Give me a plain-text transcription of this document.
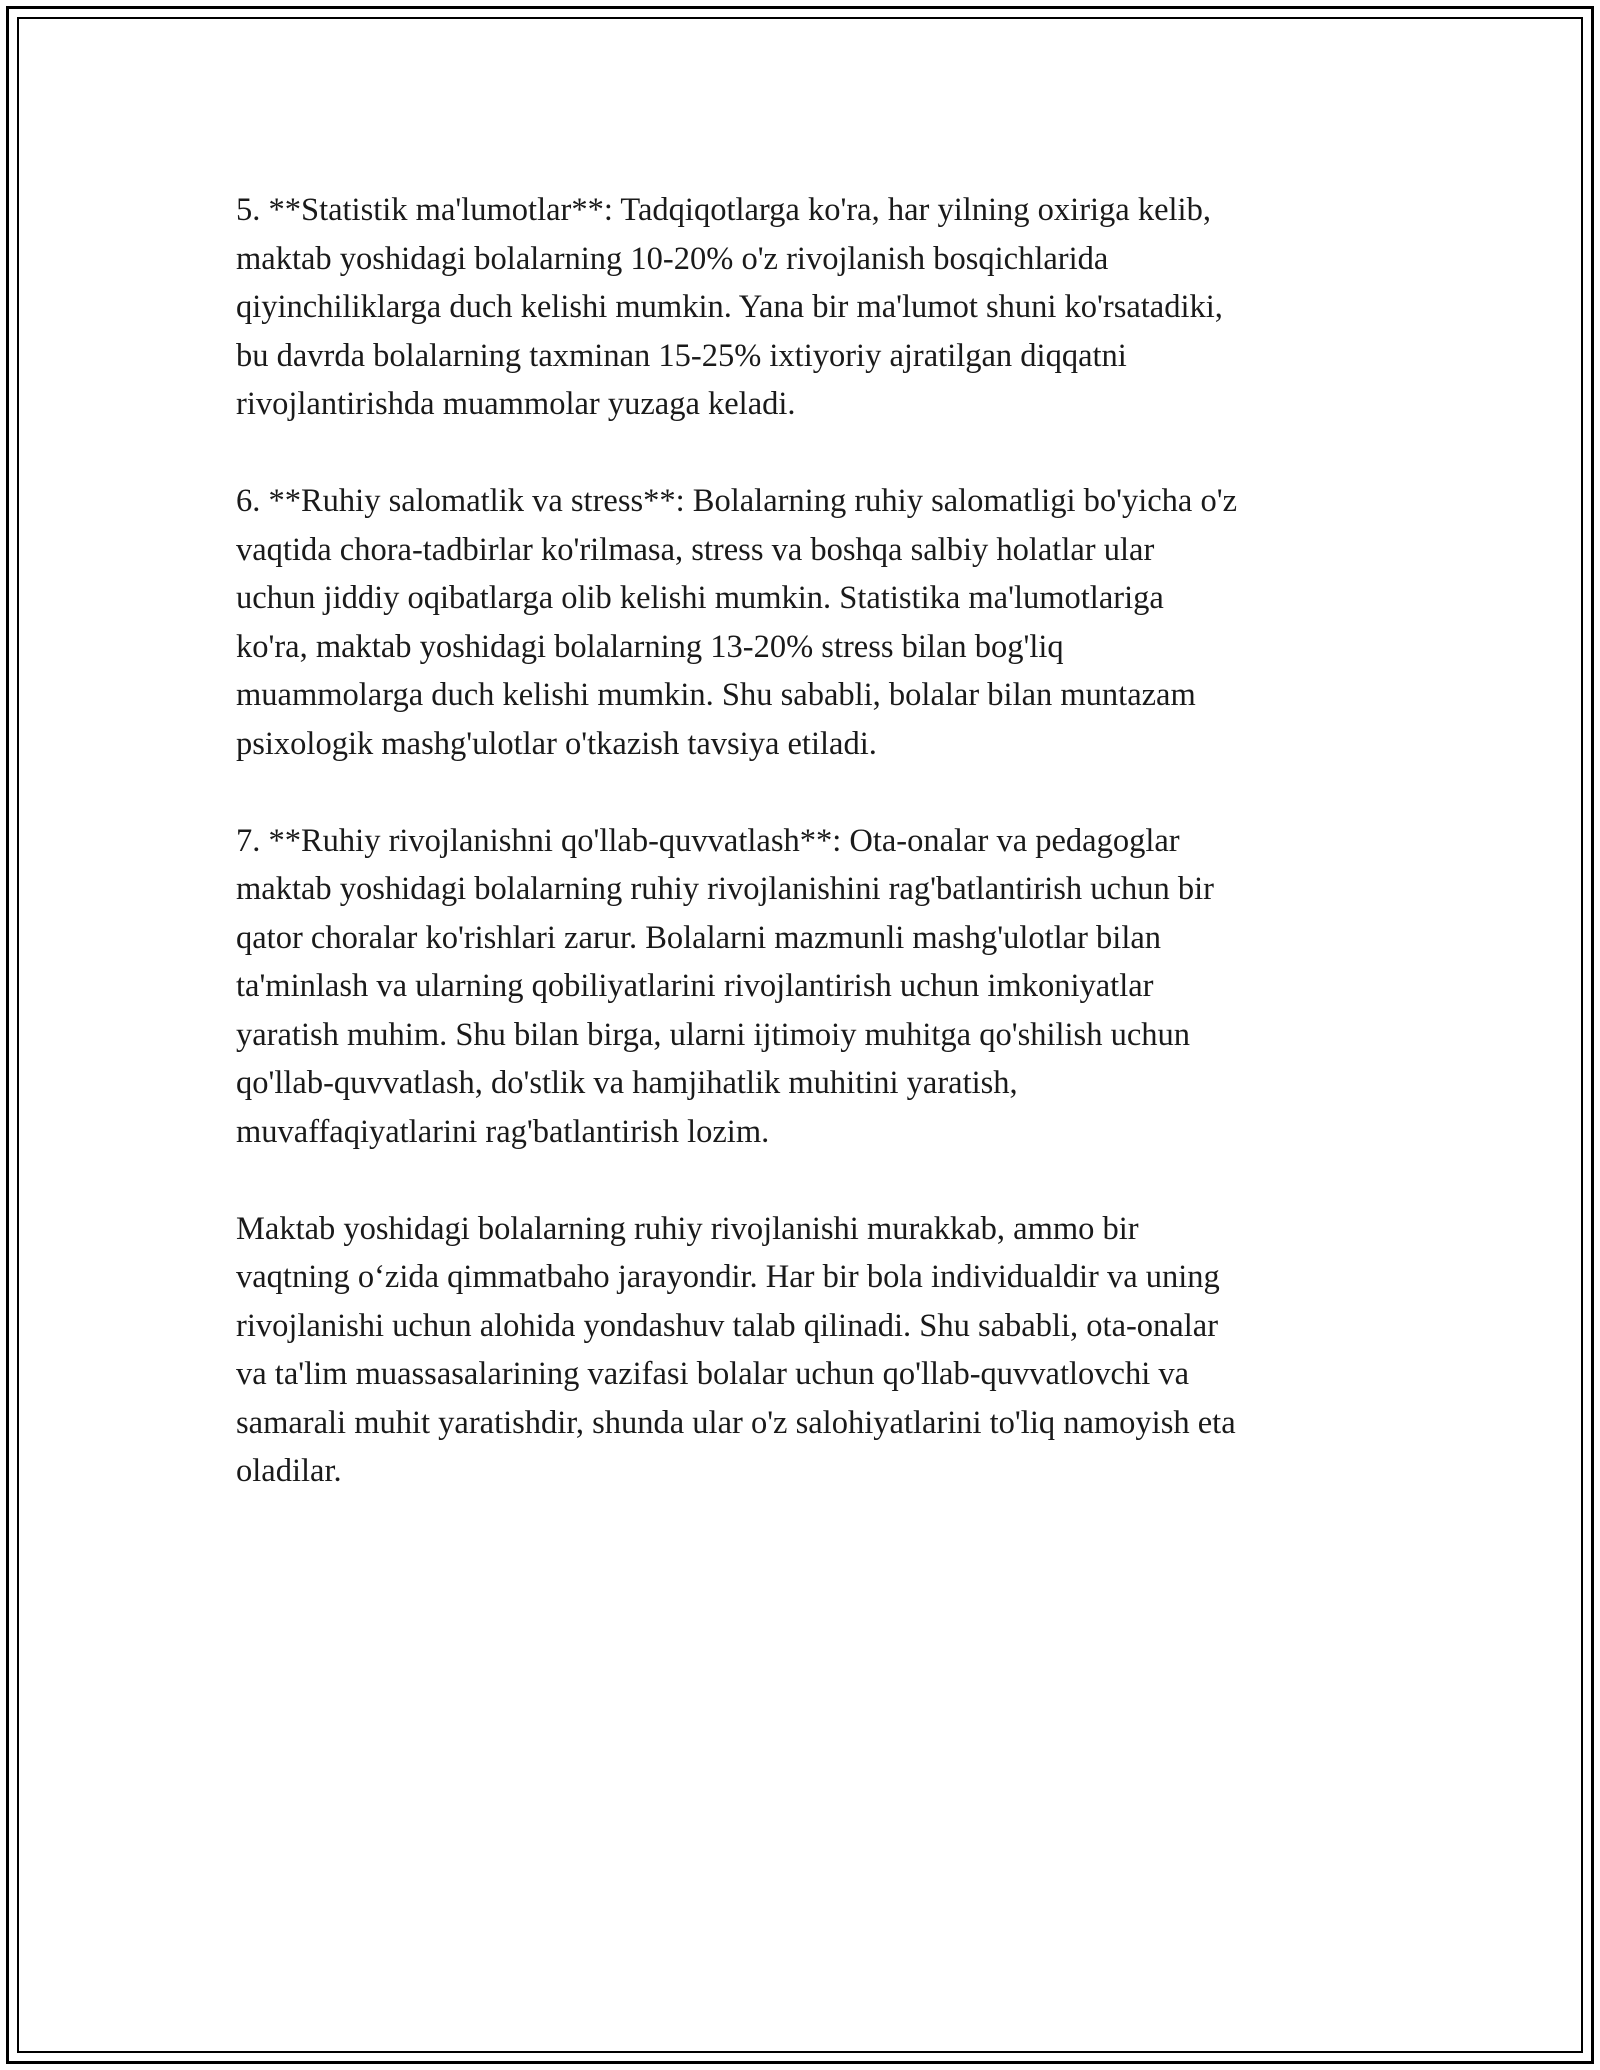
5. **Statistik ma'lumotlar**: Tadqiqotlarga ko'ra, har yilning oxiriga kelib,
maktab yoshidagi bolalarning 10-20% o'z rivojlanish bosqichlarida
qiyinchiliklarga duch kelishi mumkin. Yana bir ma'lumot shuni ko'rsatadiki,
bu davrda bolalarning taxminan 15-25% ixtiyoriy ajratilgan diqqatni
rivojlantirishda muammolar yuzaga keladi.

6. **Ruhiy salomatlik va stress**: Bolalarning ruhiy salomatligi bo'yicha o'z
vaqtida chora-tadbirlar ko'rilmasa, stress va boshqa salbiy holatlar ular
uchun jiddiy oqibatlarga olib kelishi mumkin. Statistika ma'lumotlariga
ko'ra, maktab yoshidagi bolalarning 13-20% stress bilan bog'liq
muammolarga duch kelishi mumkin. Shu sababli, bolalar bilan muntazam
psixologik mashg'ulotlar o'tkazish tavsiya etiladi.

7. **Ruhiy rivojlanishni qo'llab-quvvatlash**: Ota-onalar va pedagoglar
maktab yoshidagi bolalarning ruhiy rivojlanishini rag'batlantirish uchun bir
qator choralar ko'rishlari zarur. Bolalarni mazmunli mashg'ulotlar bilan
ta'minlash va ularning qobiliyatlarini rivojlantirish uchun imkoniyatlar
yaratish muhim. Shu bilan birga, ularni ijtimoiy muhitga qo'shilish uchun
qo'llab-quvvatlash, do'stlik va hamjihatlik muhitini yaratish,
muvaffaqiyatlarini rag'batlantirish lozim.

Maktab yoshidagi bolalarning ruhiy rivojlanishi murakkab, ammo bir
vaqtning o‘zida qimmatbaho jarayondir. Har bir bola individualdir va uning
rivojlanishi uchun alohida yondashuv talab qilinadi. Shu sababli, ota-onalar
va ta'lim muassasalarining vazifasi bolalar uchun qo'llab-quvvatlovchi va
samarali muhit yaratishdir, shunda ular o'z salohiyatlarini to'liq namoyish eta
oladilar.
